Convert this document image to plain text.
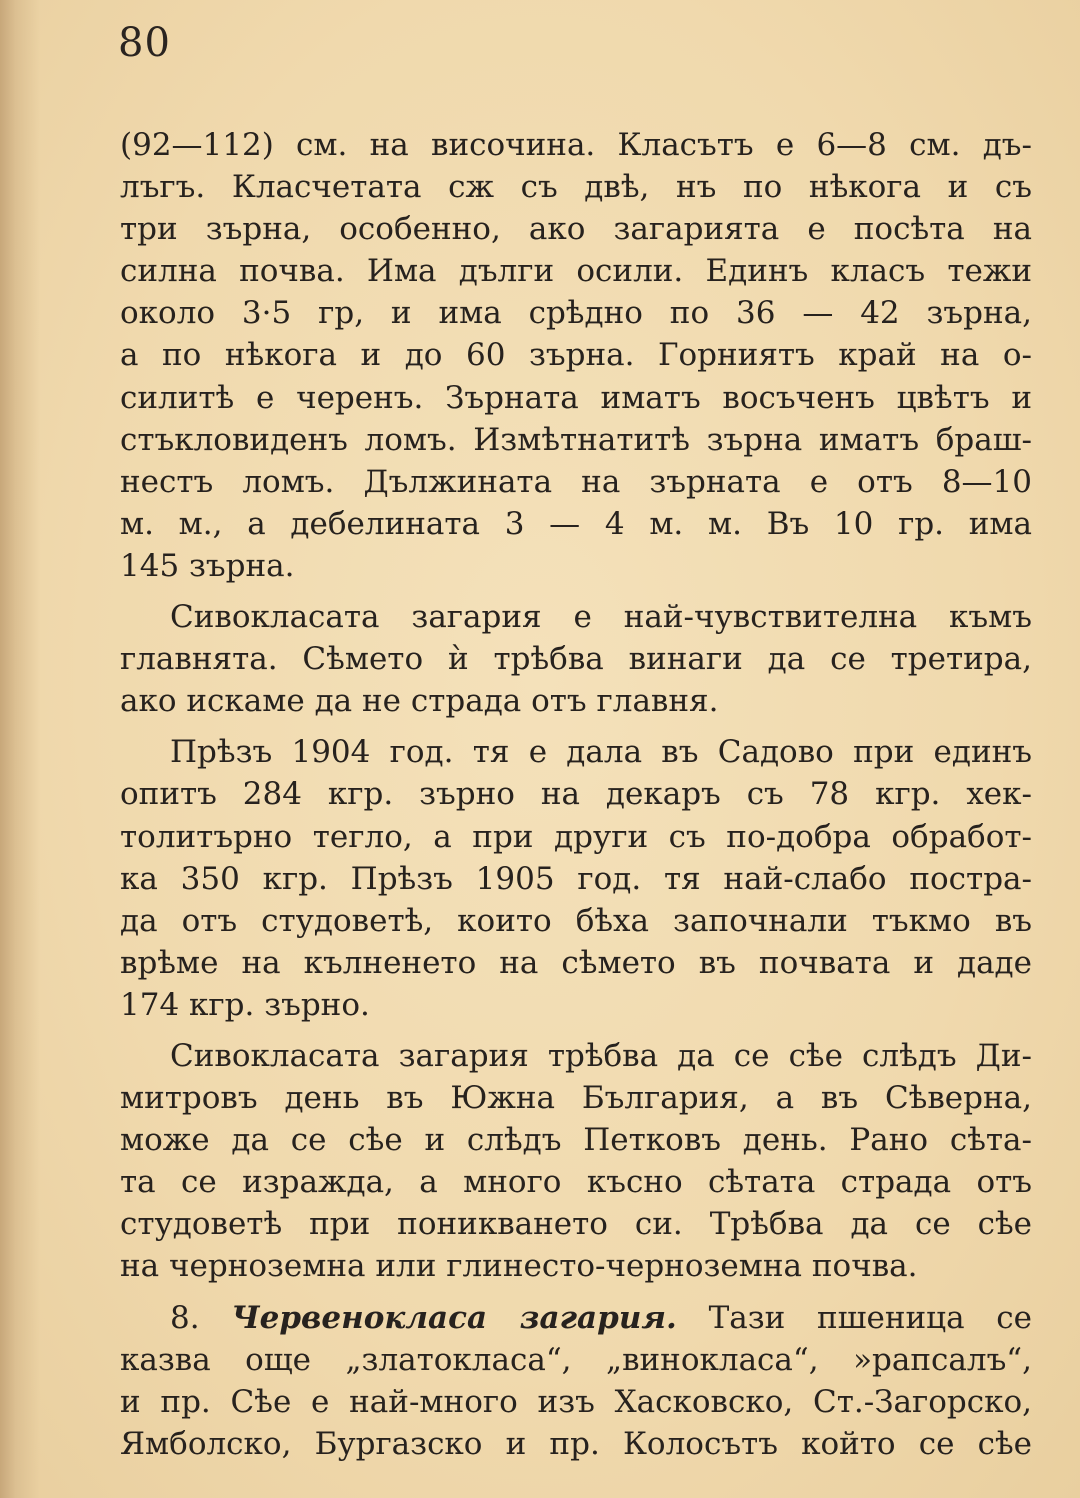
80

(92—112) см. на височина. Класътъ е 6—8 см. дъ-
лъгъ. Класчетата сж съ двѣ, нъ по нѣкога и съ
три зърна, особенно, ако загарията е посѣта на
силна почва. Има дълги осили. Единъ класъ тежи
около 3·5 гр, и има срѣдно по 36 — 42 зърна,
а по нѣкога и до 60 зърна. Горниятъ край на о-
силитѣ е черенъ. Зърната иматъ восъченъ цвѣтъ и
стъкловиденъ ломъ. Измѣтнатитѣ зърна иматъ браш-
нестъ ломъ. Дължината на зърната е отъ 8—10
м. м., а дебелината 3 — 4 м. м. Въ 10 гр. има
145 зърна.

Сивокласата загария е най-чувствителна къмъ
главнята. Сѣмето ѝ трѣбва винаги да се третира,
ако искаме да не страда отъ главня.

Прѣзъ 1904 год. тя е дала въ Садово при единъ
опитъ 284 кгр. зърно на декаръ съ 78 кгр. хек-
толитърно тегло, а при други съ по-добра обработ-
ка 350 кгр. Прѣзъ 1905 год. тя най-слабо пострa-
да отъ студоветѣ, които бѣха започнали тъкмо въ
врѣме на кълненето на сѣмето въ почвата и даде
174 кгр. зърно.

Сивокласата загария трѣбва да се сѣе слѣдъ Ди-
митровъ день въ Южна България, а въ Сѣверна,
може да се сѣе и слѣдъ Петковъ день. Рано сѣта-
та се изражда, а много късно сѣтата страда отъ
студоветѣ при поникването си. Трѣбва да се сѣе
на черноземна или глинесто-черноземна почва.

8. Червенокласа загария. Тази пшеница се
казва още „златокласа“, „винокласа“, »рапсалъ“,
и пр. Сѣе е най-много изъ Хасковско, Ст.-Загорско,
Ямболско, Бургазско и пр. Колосътъ който се сѣе
